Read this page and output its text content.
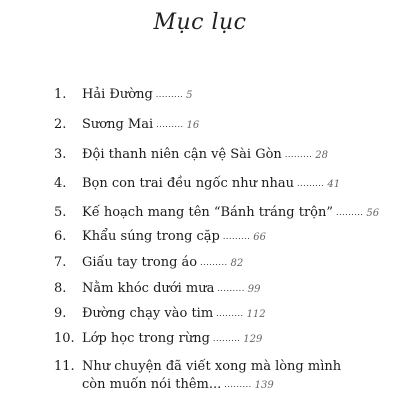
Mục lục
1.	Hải Đường ......... 5
2.	Sương Mai ......... 16
3.	Đội thanh niên cận vệ Sài Gòn ......... 28
4.	Bọn con trai đều ngốc như nhau ......... 41
5.	Kế hoạch mang tên “Bánh tráng trộn” ......... 56
6.	Khẩu súng trong cặp ......... 66
7.	Giấu tay trong áo ......... 82
8.	Nằm khóc dưới mưa ......... 99
9.	Đường chạy vào tim ......... 112
10. Lớp học trong rừng ......... 129
11. Như chuyện đã viết xong mà lòng mình
còn muốn nói thêm... ......... 139
